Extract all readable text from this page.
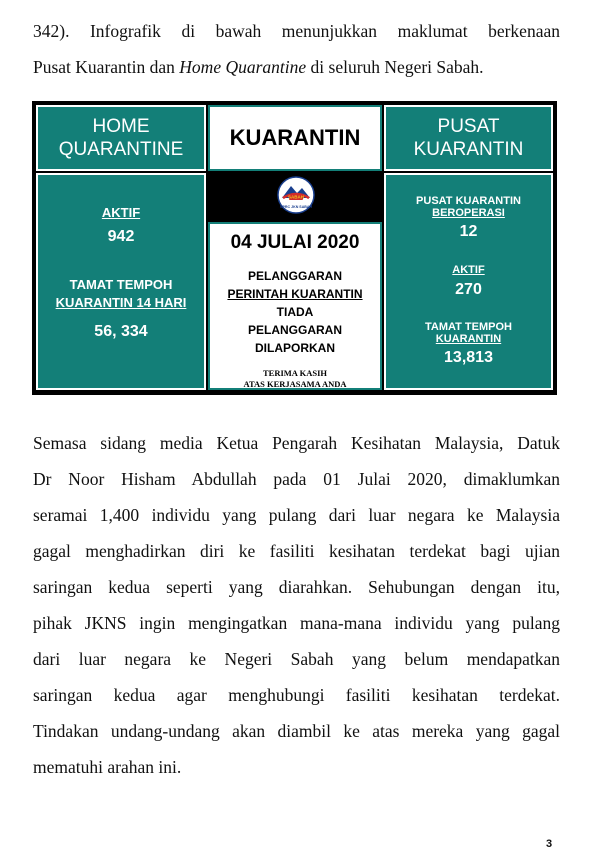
342). Infografik di bawah menunjukkan maklumat berkenaan
Pusat Kuarantin dan Home Quarantine di seluruh Negeri Sabah.
HOME
QUARANTINE KUARANTIN	PUSAT
KUARANTIN
AKTIF
942
TAMAT TEMPOH
KUARANTIN 14 HARI
56, 334
SABAH
CPRC JKN SABAH
04 JULAI 2020
PELANGGARAN
PERINTAH KUARANTIN
TIADA
PELANGGARAN
DILAPORKAN
TERIMA KASIH
ATAS KERJASAMA ANDA
PUSAT KUARANTIN
BEROPERASI
12
AKTIF
270
TAMAT TEMPOH
KUARANTIN
13,813
Semasa sidang media Ketua Pengarah Kesihatan Malaysia, Datuk
Dr Noor Hisham Abdullah pada 01 Julai 2020, dimaklumkan
seramai 1,400 individu yang pulang dari luar negara ke Malaysia
gagal menghadirkan diri ke fasiliti kesihatan terdekat bagi ujian
saringan kedua seperti yang diarahkan. Sehubungan dengan itu,
pihak JKNS ingin mengingatkan mana-mana individu yang pulang
dari luar negara ke Negeri Sabah yang belum mendapatkan
saringan kedua agar menghubungi fasiliti kesihatan terdekat.
Tindakan undang-undang akan diambil ke atas mereka yang gagal
mematuhi arahan ini.
3
